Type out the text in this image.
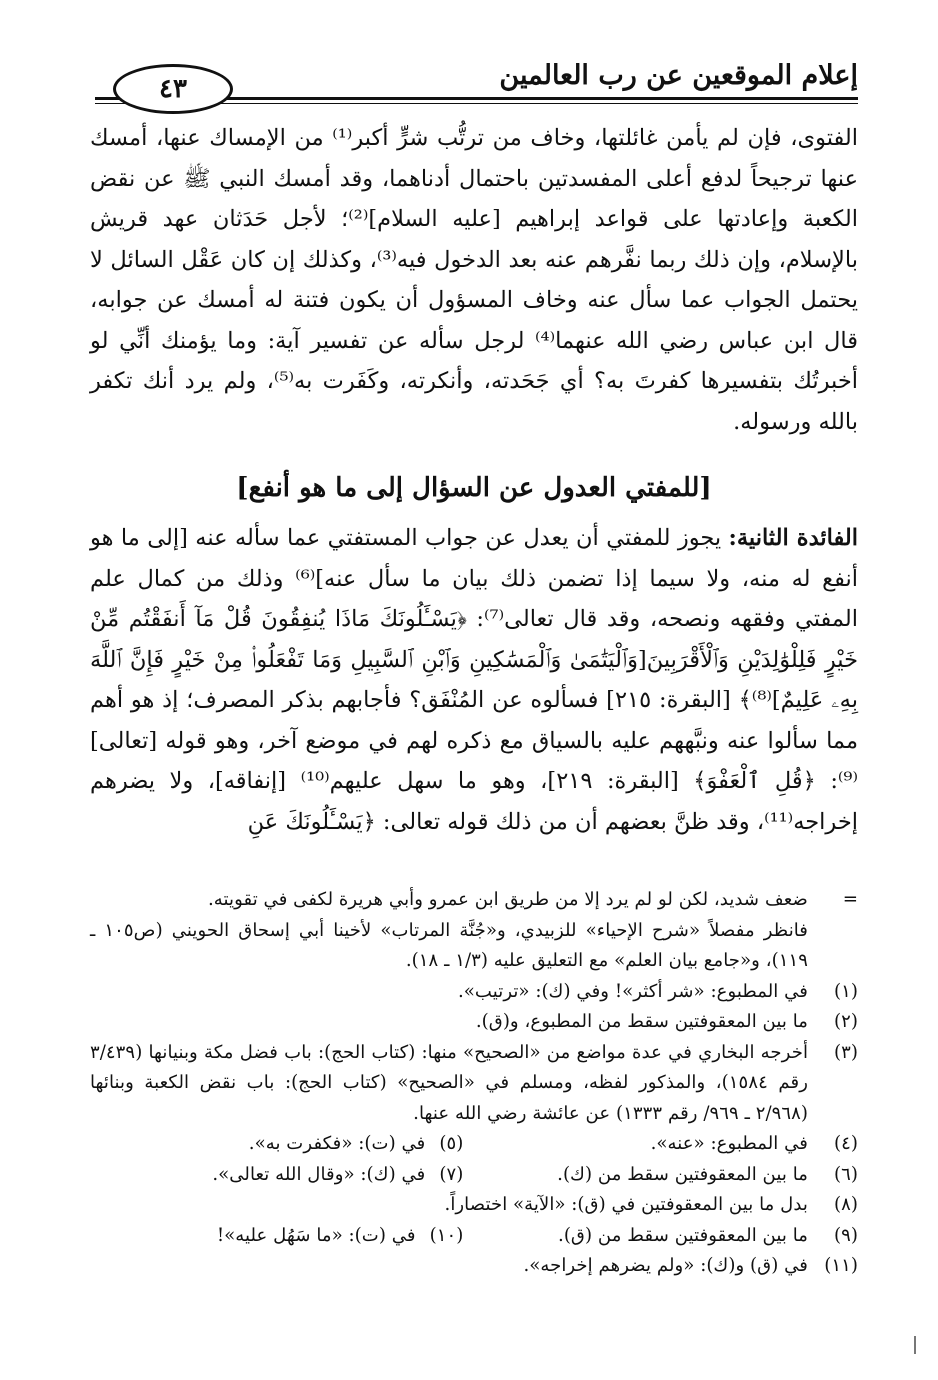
إعلام الموقعين عن رب العالمين
٤٣

الفتوى، فإن لم يأمن غائلتها، وخاف من ترتُّب شرٍّ أكبر⁽¹⁾ من الإمساك عنها، أمسك عنها ترجيحاً لدفع أعلى المفسدتين باحتمال أدناهما، وقد أمسك النبي ﷺ عن نقض الكعبة وإعادتها على قواعد إبراهيم [عليه السلام]⁽²⁾؛ لأجل حَدَثان عهد قريش بالإسلام، وإن ذلك ربما نفَّرهم عنه بعد الدخول فيه⁽³⁾، وكذلك إن كان عَقْل السائل لا يحتمل الجواب عما سأل عنه وخاف المسؤول أن يكون فتنة له أمسك عن جوابه، قال ابن عباس رضي الله عنهما⁽⁴⁾ لرجل سأله عن تفسير آية: وما يؤمنك أنِّي لو أخبرتُك بتفسيرها كفرتَ به؟ أي جَحَدته، وأنكرته، وكَفَرت به⁽⁵⁾، ولم يرد أنك تكفر بالله ورسوله.

[للمفتي العدول عن السؤال إلى ما هو أنفع]

الفائدة الثانية: يجوز للمفتي أن يعدل عن جواب المستفتي عما سأله عنه [إلى ما هو أنفع له منه، ولا سيما إذا تضمن ذلك بيان ما سأل عنه]⁽⁶⁾ وذلك من كمال علم المفتي وفقهه ونصحه، وقد قال تعالى⁽⁷⁾: ﴿يَسْـَٔلُونَكَ مَاذَا يُنفِقُونَ قُلْ مَآ أَنفَقْتُم مِّنْ خَيْرٍ فَلِلْوَٰلِدَيْنِ وَٱلْأَقْرَبِينَ[وَٱلْيَتَٰمَىٰ وَٱلْمَسَٰكِينِ وَٱبْنِ ٱلسَّبِيلِ وَمَا تَفْعَلُوا۟ مِنْ خَيْرٍ فَإِنَّ ٱللَّهَ بِهِۦ عَلِيمٌ]⁽⁸⁾﴾ [البقرة: ٢١٥] فسألوه عن المُنْفَق؟ فأجابهم بذكر المصرف؛ إذ هو أهم مما سألوا عنه ونبَّههم عليه بالسياق مع ذكره لهم في موضع آخر، وهو قوله [تعالى]⁽⁹⁾: ﴿قُلِ ٱلْعَفْوَ﴾ [البقرة: ٢١٩]، وهو ما سهل عليهم⁽¹⁰⁾ [إنفاقه]، ولا يضرهم إخراجه⁽¹¹⁾، وقد ظنَّ بعضهم أن من ذلك قوله تعالى: ﴿يَسْـَٔلُونَكَ عَنِ

=
ضعف شديد، لكن لو لم يرد إلا من طريق ابن عمرو وأبي هريرة لكفى في تقويته.
فانظر مفصلاً «شرح الإحياء» للزبيدي، و«جُنَّة المرتاب» لأخينا أبي إسحاق الحويني (ص١٠٥ ـ ١١٩)، و«جامع بيان العلم» مع التعليق عليه (١/٣ ـ ١٨).
(١)
في المطبوع: «شر أكثر»! وفي (ك): «ترتيب».
(٢)
ما بين المعقوفتين سقط من المطبوع، و(ق).
(٣)
أخرجه البخاري في عدة مواضع من «الصحيح» منها: (كتاب الحج): باب فضل مكة وبنيانها (٣/٤٣٩ رقم ١٥٨٤)، والمذكور لفظه، ومسلم في «الصحيح» (كتاب الحج): باب نقض الكعبة وبنائها (٢/٩٦٨ ـ ٩٦٩/ رقم ١٣٣٣) عن عائشة رضي الله عنها.
(٤)
في المطبوع: «عنه».
(٥)
في (ت): «فكفرت به».
(٦)
ما بين المعقوفتين سقط من (ك).
(٧)
في (ك): «وقال الله تعالى».
(٨)
بدل ما بين المعقوفتين في (ق): «الآية» اختصاراً.
(٩)
ما بين المعقوفتين سقط من (ق).
(١٠)
في (ت): «ما سَهُل عليه»!
(١١)
في (ق) و(ك): «ولم يضرهم إخراجه».
